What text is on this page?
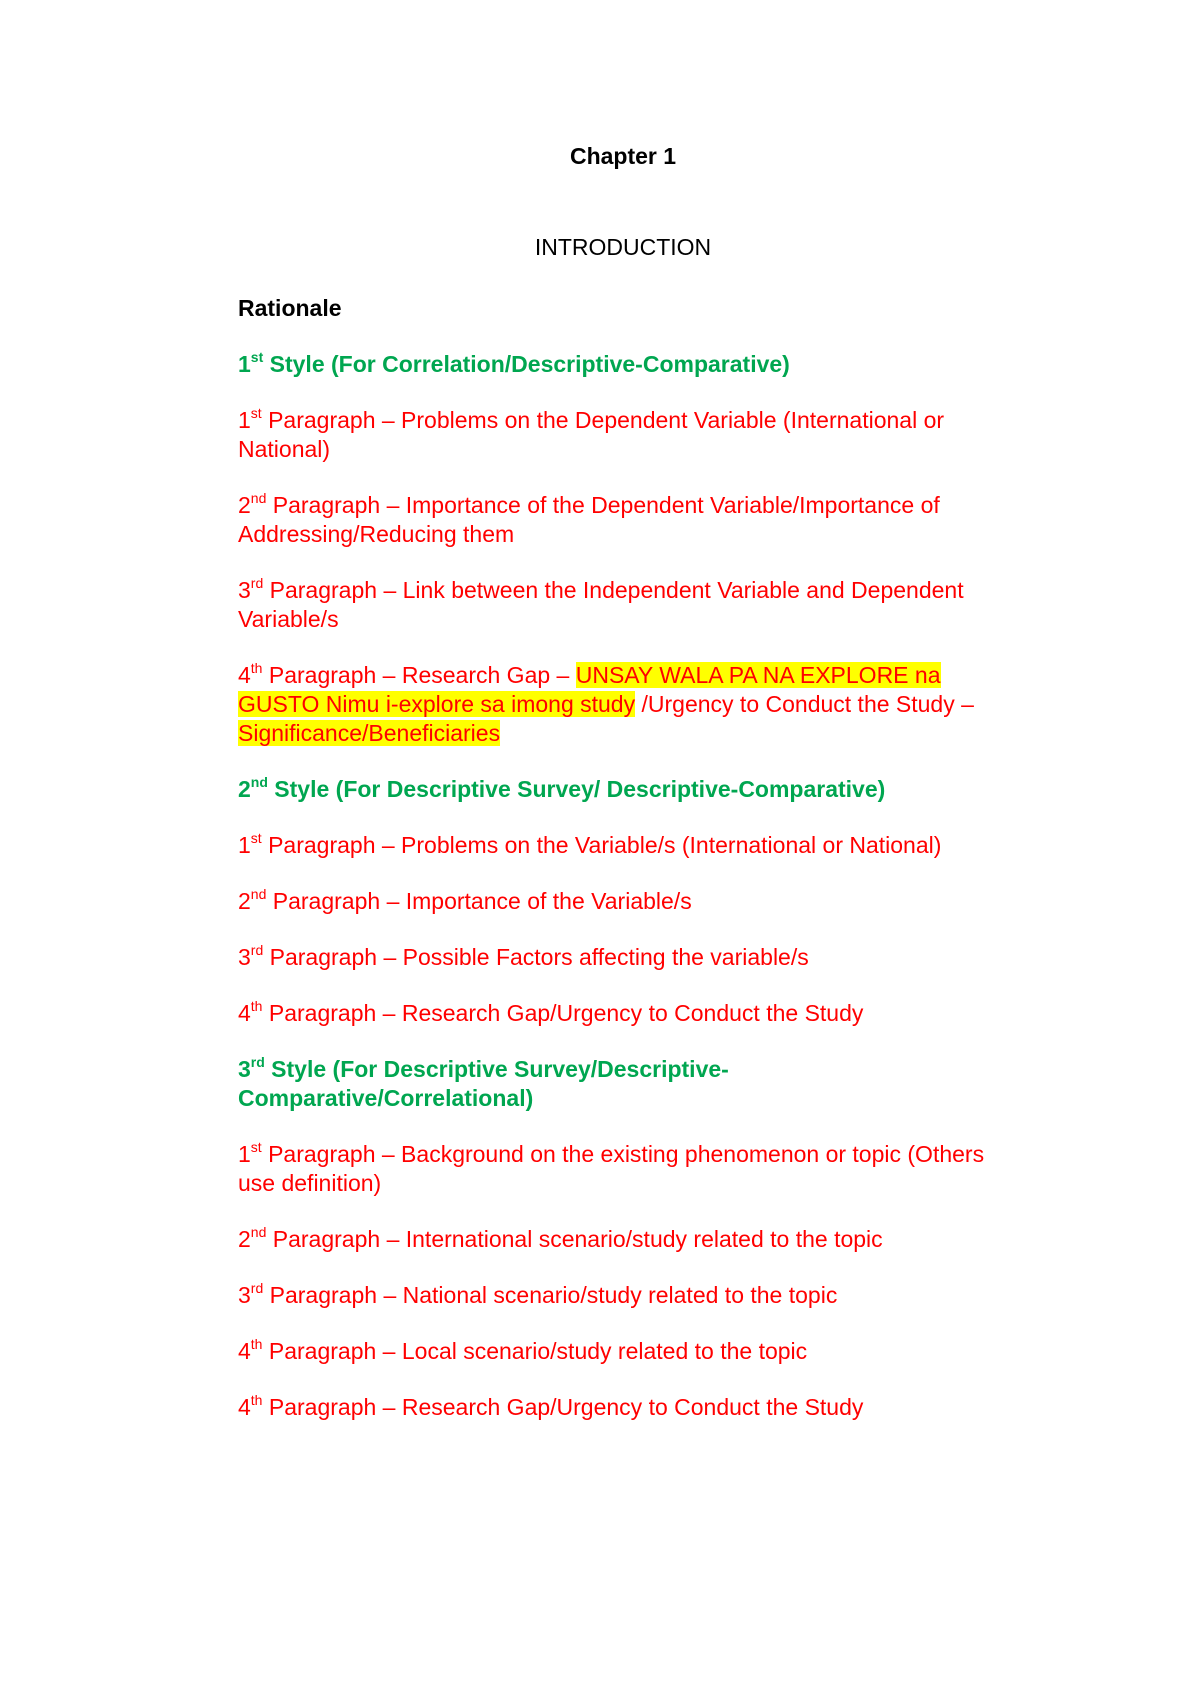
Chapter 1
INTRODUCTION
Rationale
1st Style (For Correlation/Descriptive-Comparative)
1st Paragraph – Problems on the Dependent Variable (International or National)
2nd Paragraph – Importance of the Dependent Variable/Importance of Addressing/Reducing them
3rd Paragraph – Link between the Independent Variable and Dependent Variable/s
4th Paragraph – Research Gap – UNSAY WALA PA NA EXPLORE na GUSTO Nimu i-explore sa imong study /Urgency to Conduct the Study – Significance/Beneficiaries
2nd Style (For Descriptive Survey/ Descriptive-Comparative)
1st Paragraph – Problems on the Variable/s (International or National)
2nd Paragraph – Importance of the Variable/s
3rd Paragraph – Possible Factors affecting the variable/s
4th Paragraph – Research Gap/Urgency to Conduct the Study
3rd Style (For Descriptive Survey/Descriptive-Comparative/Correlational)
1st Paragraph – Background on the existing phenomenon or topic (Others use definition)
2nd Paragraph – International scenario/study related to the topic
3rd Paragraph – National scenario/study related to the topic
4th Paragraph – Local scenario/study related to the topic
4th Paragraph – Research Gap/Urgency to Conduct the Study
